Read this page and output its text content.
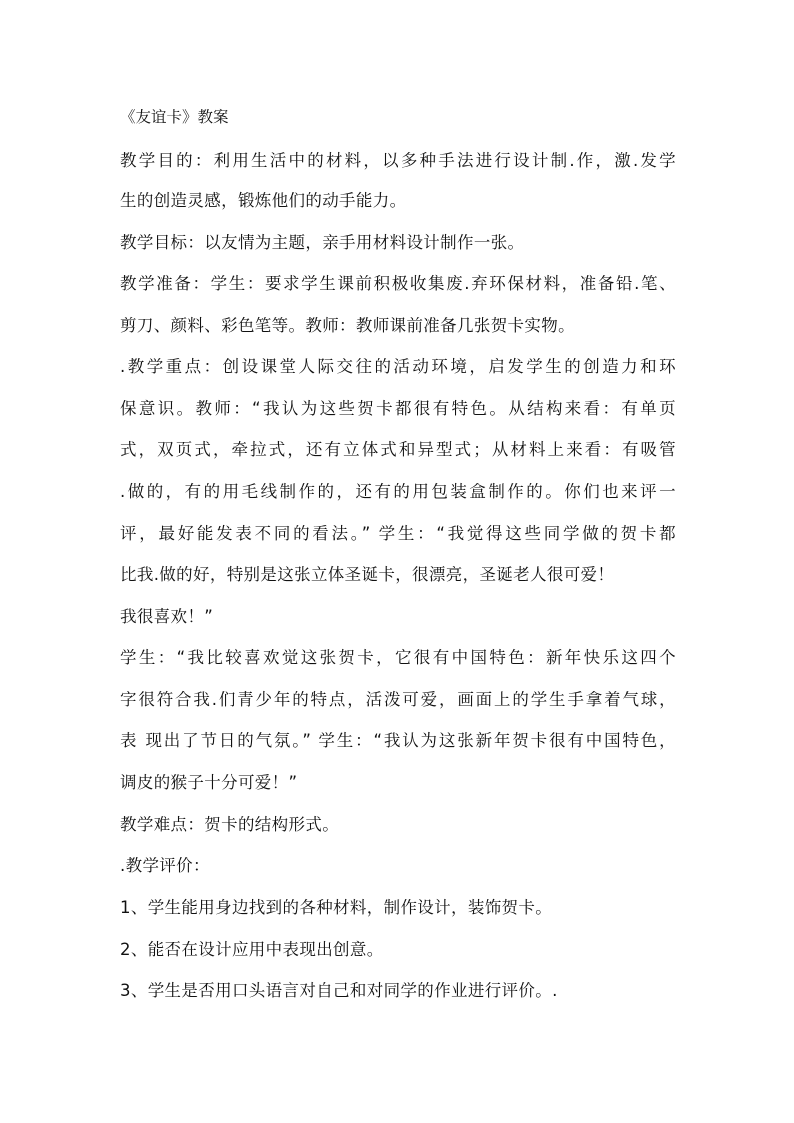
《友谊卡》教案
教学目的：利用生活中的材料，以多种手法进行设计制.作，激.发学
生的创造灵感，锻炼他们的动手能力。
教学目标：以友情为主题，亲手用材料设计制作一张。
教学准备：学生：要求学生课前积极收集废.弃环保材料，准备铅.笔、
剪刀、颜料、彩色笔等。教师：教师课前准备几张贺卡实物。
.教学重点：创设课堂人际交往的活动环境，启发学生的创造力和环
保意识。教师：“我认为这些贺卡都很有特色。从结构来看：有单页
式，双页式，牵拉式，还有立体式和异型式；从材料上来看：有吸管
.做的，有的用毛线制作的，还有的用包装盒制作的。你们也来评一
评，最好能发表不同的看法。” 学生：“我觉得这些同学做的贺卡都
比我.做的好，特别是这张立体圣诞卡，很漂亮，圣诞老人很可爱！
我很喜欢！”
学生：“我比较喜欢觉这张贺卡，它很有中国特色：新年快乐这四个
字很符合我.们青少年的特点，活泼可爱，画面上的学生手拿着气球，
表 现出了节日的气氛。” 学生：“我认为这张新年贺卡很有中国特色，
调皮的猴子十分可爱！”
教学难点：贺卡的结构形式。
.教学评价：
1、学生能用身边找到的各种材料，制作设计，装饰贺卡。
2、能否在设计应用中表现出创意。
3、学生是否用口头语言对自己和对同学的作业进行评价。.
